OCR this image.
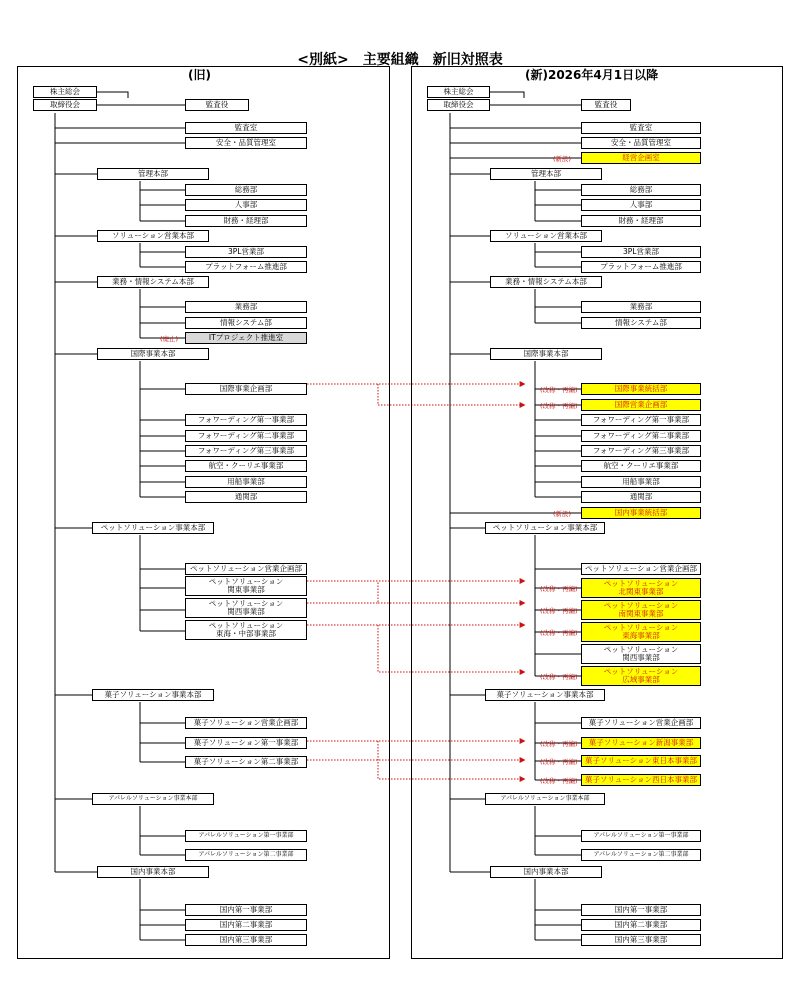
<別紙>　主要組織　新旧対照表
(旧)
株主総会
取締役会	監査役
監査室
安全・品質管理室
管理本部
総務部
人事部
財務・経理部
ソリューション営業本部
3PL営業部
プラットフォーム推進部
業務・情報システム本部
業務部
情報システム部
(廃止)	ITプロジェクト推進室
国際事業本部
国際事業企画部
フォワーディング第一事業部
フォワーディング第二事業部
フォワーディング第三事業部
航空・クーリエ事業部
用船事業部
通関部
ペットソリューション事業本部
ペットソリューション営業企画部
ペットソリューション
関東事業部
ペットソリューション
関西事業部
ペットソリューション
東海・中部事業部
菓子ソリューション事業本部
菓子ソリューション営業企画部
菓子ソリューション第一事業部
菓子ソリューション第二事業部
アパレルソリューション事業本部
アパレルソリューション第一事業部
アパレルソリューション第二事業部
国内事業本部
国内第一事業部
国内第二事業部
国内第三事業部
(新)2026年4月1日以降
株主総会
取締役会	監査役
監査室
安全・品質管理室
(新設)	経営企画室
管理本部
総務部
人事部
財務・経理部
ソリューション営業本部
3PL営業部
プラットフォーム推進部
業務・情報システム本部
業務部
情報システム部
国際事業本部
(改称・再編)	国際事業統括部
(改称・再編)	国際営業企画部
フォワーディング第一事業部
フォワーディング第二事業部
フォワーディング第三事業部
航空・クーリエ事業部
用船事業部
通関部
(新設)	国内事業統括部
ペットソリューション事業本部
ペットソリューション営業企画部
(改称・再編)
ペットソリューション
北関東事業部
(改称・再編)
ペットソリューション
南関東事業部
(改称・再編)
ペットソリューション
東海事業部
ペットソリューション
関西事業部
(改称・再編)
ペットソリューション
広域事業部
菓子ソリューション事業本部
菓子ソリューション営業企画部
(改称・再編)	菓子ソリューション新潟事業部
(改称・再編) 菓子ソリューション東日本事業部
(改称・再編) 菓子ソリューション西日本事業部
アパレルソリューション事業本部
アパレルソリューション第一事業部
アパレルソリューション第二事業部
国内事業本部
国内第一事業部
国内第二事業部
国内第三事業部
